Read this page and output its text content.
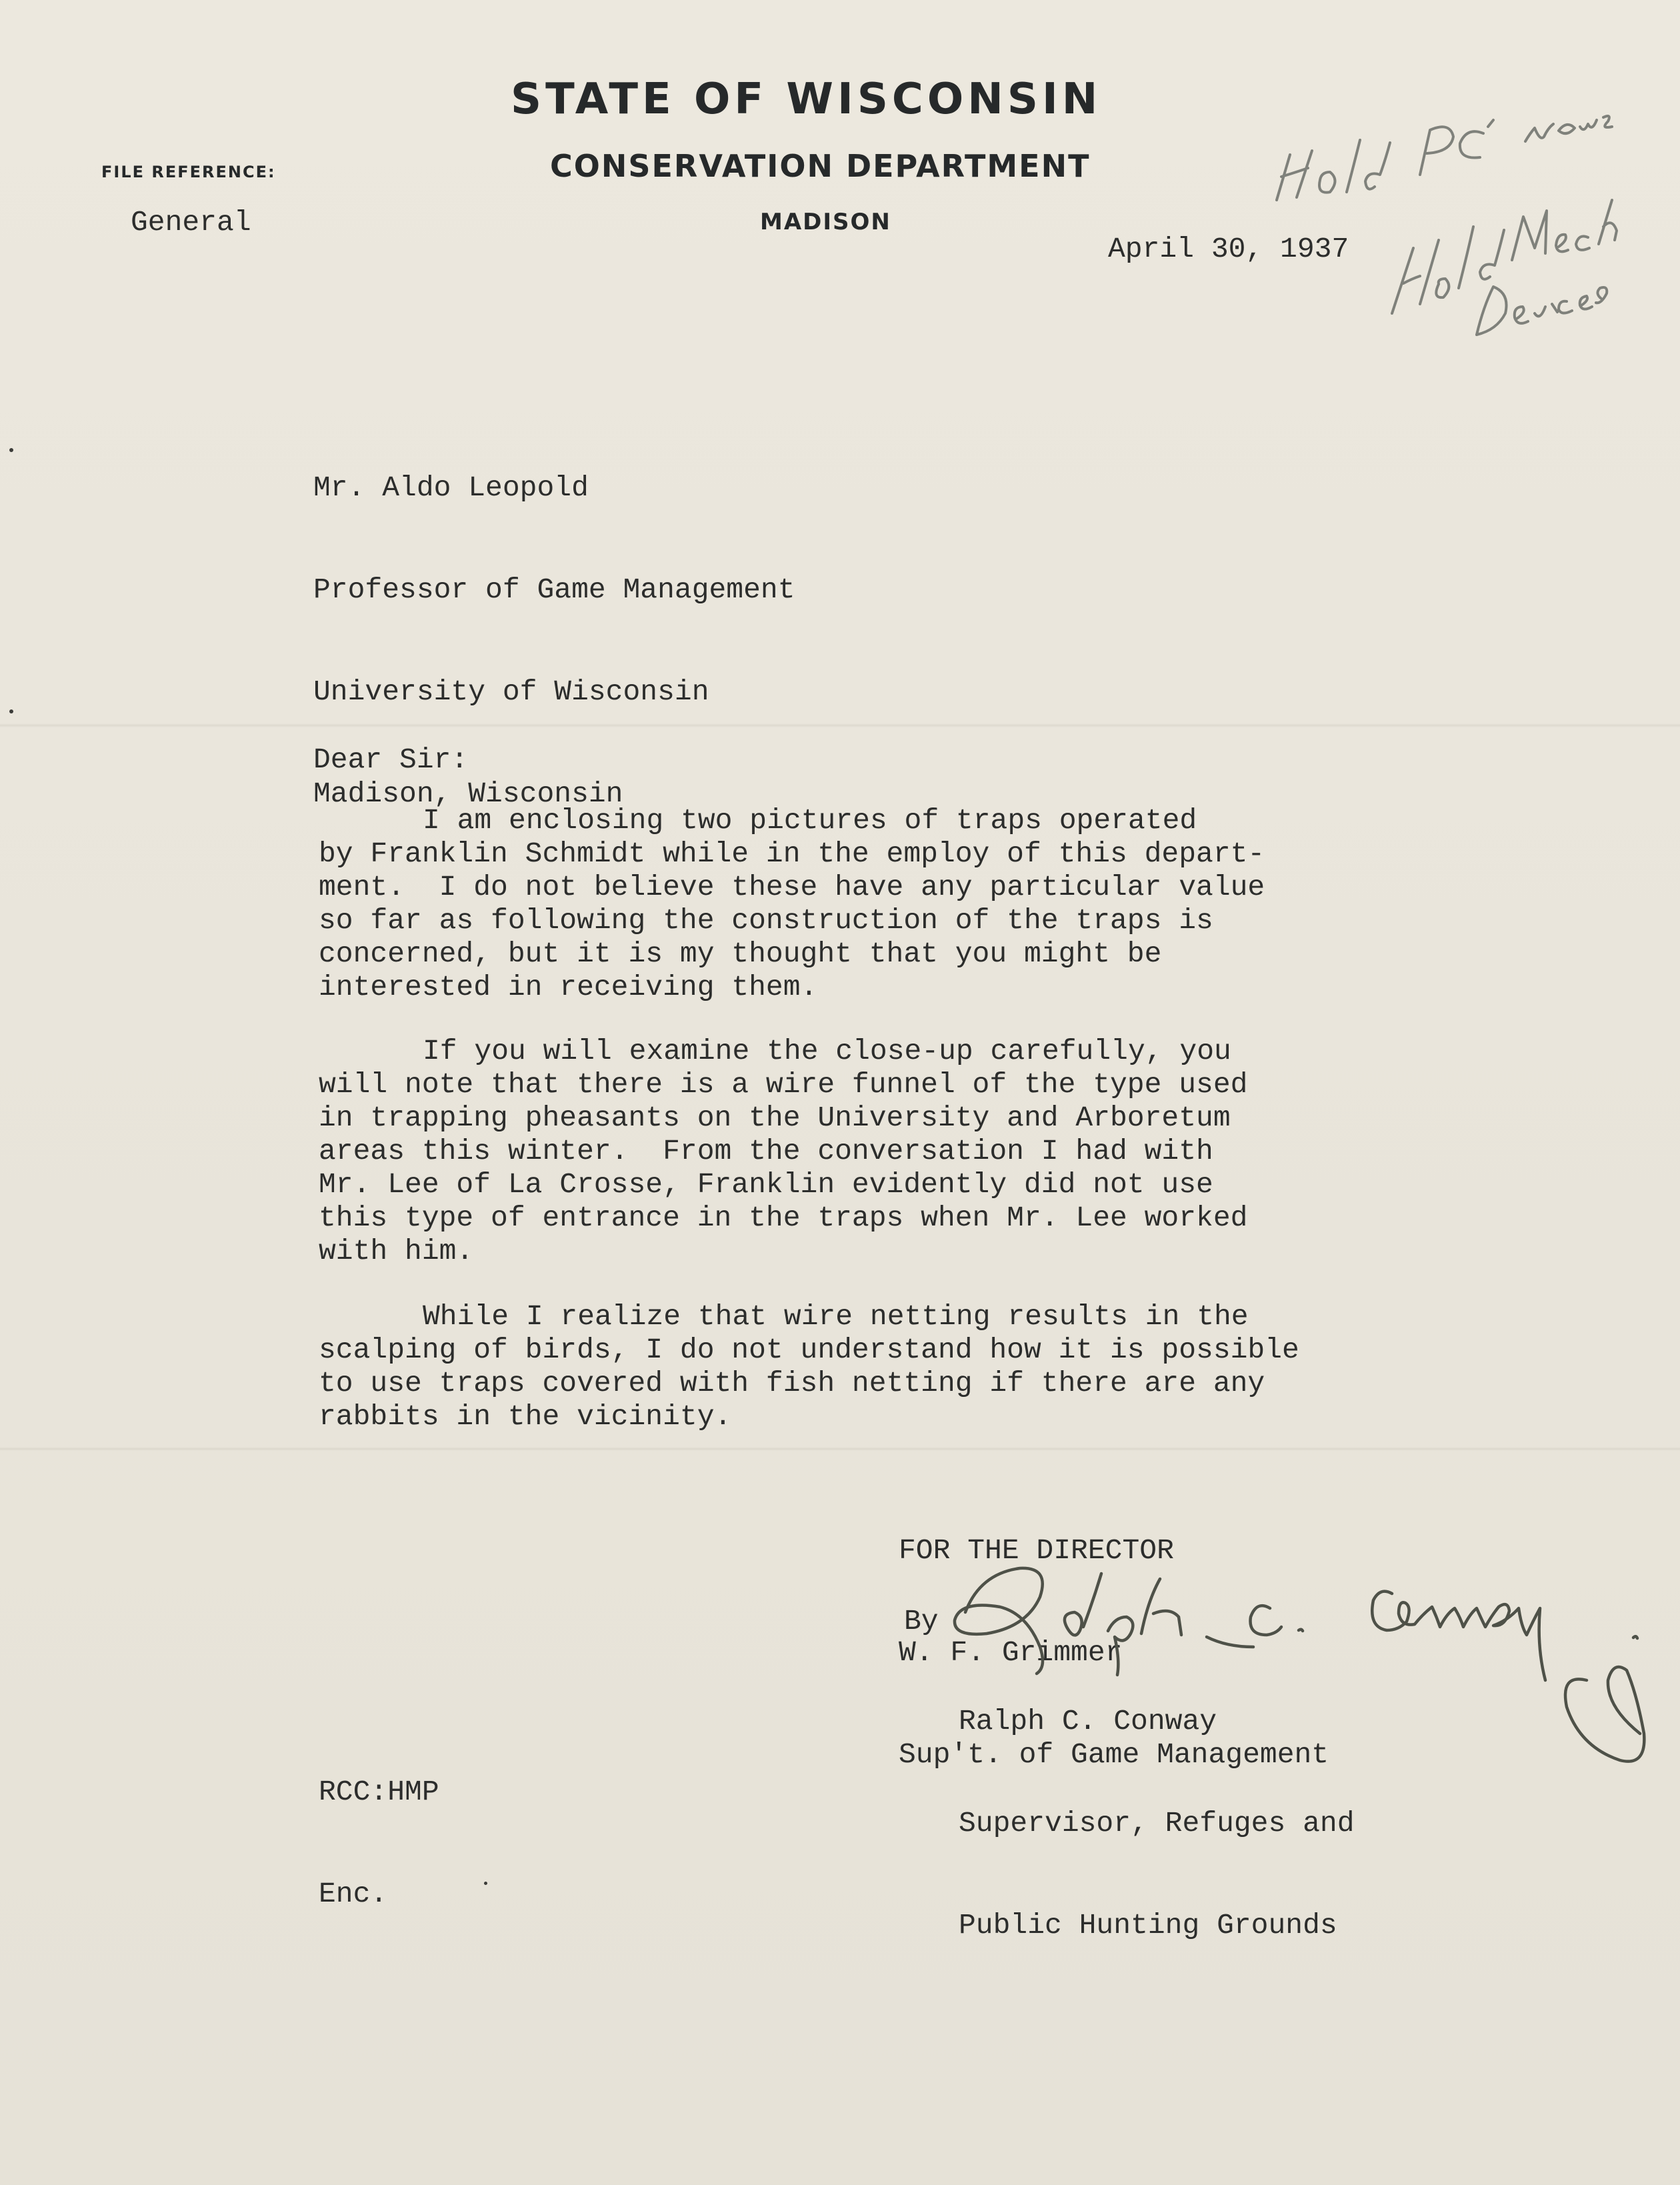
STATE OF WISCONSIN
CONSERVATION DEPARTMENT
MADISON
FILE REFERENCE:
General
April 30, 1937

Mr. Aldo Leopold

Professor of Game Management

University of Wisconsin

Madison, Wisconsin

Dear Sir:
I am enclosing two pictures of traps operated
by Franklin Schmidt while in the employ of this depart-
ment.  I do not believe these have any particular value
so far as following the construction of the traps is
concerned, but it is my thought that you might be
interested in receiving them.
If you will examine the close-up carefully, you
will note that there is a wire funnel of the type used
in trapping pheasants on the University and Arboretum
areas this winter.  From the conversation I had with
Mr. Lee of La Crosse, Franklin evidently did not use
this type of entrance in the traps when Mr. Lee worked
with him.
While I realize that wire netting results in the
scalping of birds, I do not understand how it is possible
to use traps covered with fish netting if there are any
rabbits in the vicinity.

FOR THE DIRECTOR

W. F. Grimmer

Sup't. of Game Management

By

Ralph C. Conway

Supervisor, Refuges and

Public Hunting Grounds

RCC:HMP

Enc.
